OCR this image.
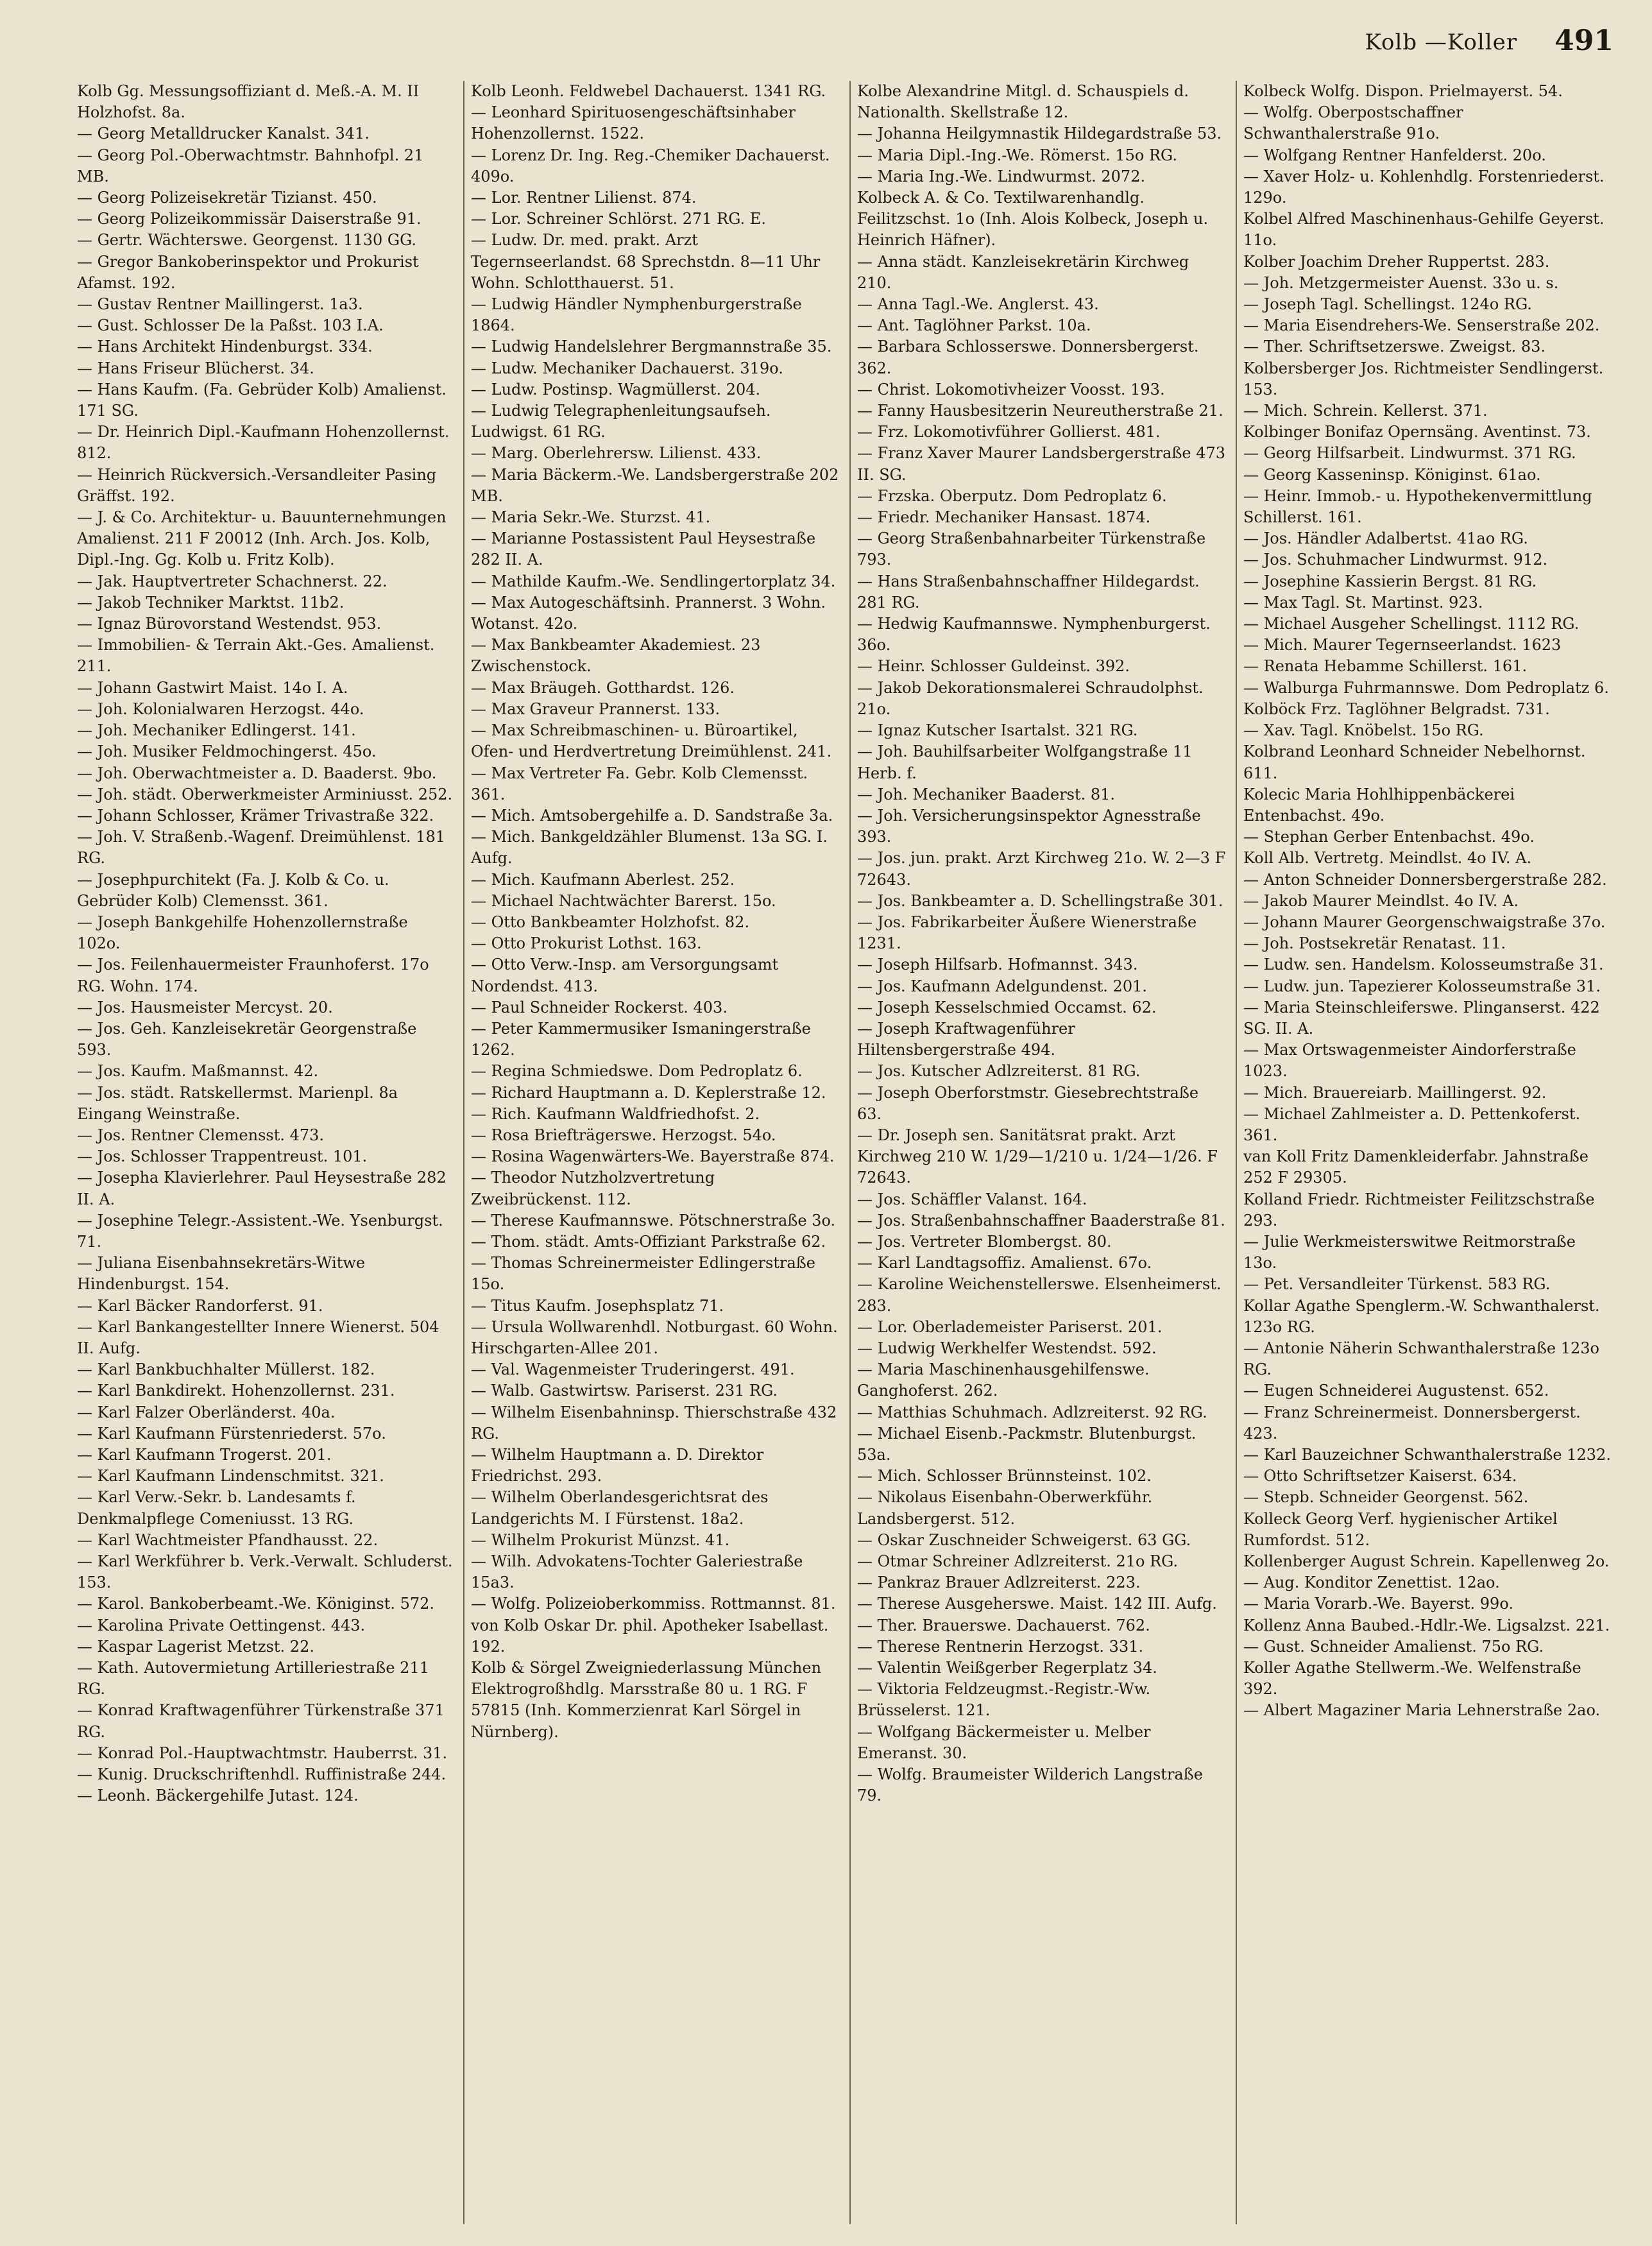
Kolb —Koller 491

Kolb Gg. Messungsoffiziant d. Meß.-A. M. II Holzhofst. 8a.

— Georg Metalldrucker Kanalst. 341.

— Georg Pol.-Oberwachtmstr. Bahnhofpl. 21 MB.

— Georg Polizeisekretär Tizianst. 450.

— Georg Polizeikommissär Daiserstraße 91.

— Gertr. Wächterswe. Georgenst. 1130 GG.

— Gregor Bankoberinspektor und Prokurist Afamst. 192.

— Gustav Rentner Maillingerst. 1a3.

— Gust. Schlosser De la Paßst. 103 I.A.

— Hans Architekt Hindenburgst. 334.

— Hans Friseur Blücherst. 34.

— Hans Kaufm. (Fa. Gebrüder Kolb) Amalienst. 171 SG.

— Dr. Heinrich Dipl.-Kaufmann Hohenzollernst. 812.

— Heinrich Rückversich.-Versandleiter Pasing Gräffst. 192.

— J. & Co. Architektur- u. Bauunternehmungen Amalienst. 211 F 20012 (Inh. Arch. Jos. Kolb, Dipl.-Ing. Gg. Kolb u. Fritz Kolb).

— Jak. Hauptvertreter Schachnerst. 22.

— Jakob Techniker Marktst. 11b2.

— Ignaz Bürovorstand Westendst. 953.

— Immobilien- & Terrain Akt.-Ges. Amalienst. 211.

— Johann Gastwirt Maist. 14o I. A.

— Joh. Kolonialwaren Herzogst. 44o.

— Joh. Mechaniker Edlingerst. 141.

— Joh. Musiker Feldmochingerst. 45o.

— Joh. Oberwachtmeister a. D. Baaderst. 9bo.

— Joh. städt. Oberwerkmeister Arminiusst. 252.

— Johann Schlosser, Krämer Trivastraße 322.

— Joh. V. Straßenb.-Wagenf. Dreimühlenst. 181 RG.

— Josephpurchitekt (Fa. J. Kolb & Co. u. Gebrüder Kolb) Clemensst. 361.

— Joseph Bankgehilfe Hohenzollernstraße 102o.

— Jos. Feilenhauermeister Fraunhoferst. 17o RG. Wohn. 174.

— Jos. Hausmeister Mercyst. 20.

— Jos. Geh. Kanzleisekretär Georgenstraße 593.

— Jos. Kaufm. Maßmannst. 42.

— Jos. städt. Ratskellermst. Marienpl. 8a Eingang Weinstraße.

— Jos. Rentner Clemensst. 473.

— Jos. Schlosser Trappentreust. 101.

— Josepha Klavierlehrer. Paul Heysestraße 282 II. A.

— Josephine Telegr.-Assistent.-We. Ysenburgst. 71.

— Juliana Eisenbahnsekretärs-Witwe Hindenburgst. 154.

— Karl Bäcker Randorferst. 91.

— Karl Bankangestellter Innere Wienerst. 504 II. Aufg.

— Karl Bankbuchhalter Müllerst. 182.

— Karl Bankdirekt. Hohenzollernst. 231.

— Karl Falzer Oberländerst. 40a.

— Karl Kaufmann Fürstenriederst. 57o.

— Karl Kaufmann Trogerst. 201.

— Karl Kaufmann Lindenschmitst. 321.

— Karl Verw.-Sekr. b. Landesamts f. Denkmalpflege Comeniusst. 13 RG.

— Karl Wachtmeister Pfandhausst. 22.

— Karl Werkführer b. Verk.-Verwalt. Schluderst. 153.

— Karol. Bankoberbeamt.-We. Königinst. 572.

— Karolina Private Oettingenst. 443.

— Kaspar Lagerist Metzst. 22.

— Kath. Autovermietung Artilleriestraße 211 RG.

— Konrad Kraftwagenführer Türkenstraße 371 RG.

— Konrad Pol.-Hauptwachtmstr. Hauberrst. 31.

— Kunig. Druckschriftenhdl. Ruffinistraße 244.

— Leonh. Bäckergehilfe Jutast. 124.

Kolb Leonh. Feldwebel Dachauerst. 1341 RG.

— Leonhard Spirituosengeschäftsinhaber Hohenzollernst. 1522.

— Lorenz Dr. Ing. Reg.-Chemiker Dachauerst. 409o.

— Lor. Rentner Lilienst. 874.

— Lor. Schreiner Schlörst. 271 RG. E.

— Ludw. Dr. med. prakt. Arzt Tegernseerlandst. 68 Sprechstdn. 8—11 Uhr Wohn. Schlotthauerst. 51.

— Ludwig Händler Nymphenburgerstraße 1864.

— Ludwig Handelslehrer Bergmannstraße 35.

— Ludw. Mechaniker Dachauerst. 319o.

— Ludw. Postinsp. Wagmüllerst. 204.

— Ludwig Telegraphenleitungsaufseh. Ludwigst. 61 RG.

— Marg. Oberlehrersw. Lilienst. 433.

— Maria Bäckerm.-We. Landsbergerstraße 202 MB.

— Maria Sekr.-We. Sturzst. 41.

— Marianne Postassistent Paul Heysestraße 282 II. A.

— Mathilde Kaufm.-We. Sendlingertorplatz 34.

— Max Autogeschäftsinh. Prannerst. 3 Wohn. Wotanst. 42o.

— Max Bankbeamter Akademiest. 23 Zwischenstock.

— Max Bräugeh. Gotthardst. 126.

— Max Graveur Prannerst. 133.

— Max Schreibmaschinen- u. Büroartikel, Ofen- und Herdvertretung Dreimühlenst. 241.

— Max Vertreter Fa. Gebr. Kolb Clemensst. 361.

— Mich. Amtsobergehilfe a. D. Sandstraße 3a.

— Mich. Bankgeldzähler Blumenst. 13a SG. I. Aufg.

— Mich. Kaufmann Aberlest. 252.

— Michael Nachtwächter Barerst. 15o.

— Otto Bankbeamter Holzhofst. 82.

— Otto Prokurist Lothst. 163.

— Otto Verw.-Insp. am Versorgungsamt Nordendst. 413.

— Paul Schneider Rockerst. 403.

— Peter Kammermusiker Ismaningerstraße 1262.

— Regina Schmiedswe. Dom Pedroplatz 6.

— Richard Hauptmann a. D. Keplerstraße 12.

— Rich. Kaufmann Waldfriedhofst. 2.

— Rosa Briefträgerswe. Herzogst. 54o.

— Rosina Wagenwärters-We. Bayerstraße 874.

— Theodor Nutzholzvertretung Zweibrückenst. 112.

— Therese Kaufmannswe. Pötschnerstraße 3o.

— Thom. städt. Amts-Offiziant Parkstraße 62.

— Thomas Schreinermeister Edlingerstraße 15o.

— Titus Kaufm. Josephsplatz 71.

— Ursula Wollwarenhdl. Notburgast. 60 Wohn. Hirschgarten-Allee 201.

— Val. Wagenmeister Truderingerst. 491.

— Walb. Gastwirtsw. Pariserst. 231 RG.

— Wilhelm Eisenbahninsp. Thierschstraße 432 RG.

— Wilhelm Hauptmann a. D. Direktor Friedrichst. 293.

— Wilhelm Oberlandesgerichtsrat des Landgerichts M. I Fürstenst. 18a2.

— Wilhelm Prokurist Münzst. 41.

— Wilh. Advokatens-Tochter Galeriestraße 15a3.

— Wolfg. Polizeioberkommiss. Rottmannst. 81.

von Kolb Oskar Dr. phil. Apotheker Isabellast. 192.

Kolb & Sörgel Zweigniederlassung München Elektrogroßhdlg. Marsstraße 80 u. 1 RG. F 57815 (Inh. Kommerzienrat Karl Sörgel in Nürnberg).

Kolbe Alexandrine Mitgl. d. Schauspiels d. Nationalth. Skellstraße 12.

— Johanna Heilgymnastik Hildegardstraße 53.

— Maria Dipl.-Ing.-We. Römerst. 15o RG.

— Maria Ing.-We. Lindwurmst. 2072.

Kolbeck A. & Co. Textilwarenhandlg. Feilitzschst. 1o (Inh. Alois Kolbeck, Joseph u. Heinrich Häfner).

— Anna städt. Kanzleisekretärin Kirchweg 210.

— Anna Tagl.-We. Anglerst. 43.

— Ant. Taglöhner Parkst. 10a.

— Barbara Schlosserswe. Donnersbergerst. 362.

— Christ. Lokomotivheizer Voosst. 193.

— Fanny Hausbesitzerin Neureutherstraße 21.

— Frz. Lokomotivführer Gollierst. 481.

— Franz Xaver Maurer Landsbergerstraße 473 II. SG.

— Frzska. Oberputz. Dom Pedroplatz 6.

— Friedr. Mechaniker Hansast. 1874.

— Georg Straßenbahnarbeiter Türkenstraße 793.

— Hans Straßenbahnschaffner Hildegardst. 281 RG.

— Hedwig Kaufmannswe. Nymphenburgerst. 36o.

— Heinr. Schlosser Guldeinst. 392.

— Jakob Dekorationsmalerei Schraudolphst. 21o.

— Ignaz Kutscher Isartalst. 321 RG.

— Joh. Bauhilfsarbeiter Wolfgangstraße 11 Herb. f.

— Joh. Mechaniker Baaderst. 81.

— Joh. Versicherungsinspektor Agnesstraße 393.

— Jos. jun. prakt. Arzt Kirchweg 21o. W. 2—3 F 72643.

— Jos. Bankbeamter a. D. Schellingstraße 301.

— Jos. Fabrikarbeiter Äußere Wienerstraße 1231.

— Joseph Hilfsarb. Hofmannst. 343.

— Jos. Kaufmann Adelgundenst. 201.

— Joseph Kesselschmied Occamst. 62.

— Joseph Kraftwagenführer Hiltensbergerstraße 494.

— Jos. Kutscher Adlzreiterst. 81 RG.

— Joseph Oberforstmstr. Giesebrechtstraße 63.

— Dr. Joseph sen. Sanitätsrat prakt. Arzt Kirchweg 210 W. 1/29—1/210 u. 1/24—1/26. F 72643.

— Jos. Schäffler Valanst. 164.

— Jos. Straßenbahnschaffner Baaderstraße 81.

— Jos. Vertreter Blombergst. 80.

— Karl Landtagsoffiz. Amalienst. 67o.

— Karoline Weichenstellerswe. Elsenheimerst. 283.

— Lor. Oberlademeister Pariserst. 201.

— Ludwig Werkhelfer Westendst. 592.

— Maria Maschinenhausgehilfenswe. Ganghoferst. 262.

— Matthias Schuhmach. Adlzreiterst. 92 RG.

— Michael Eisenb.-Packmstr. Blutenburgst. 53a.

— Mich. Schlosser Brünnsteinst. 102.

— Nikolaus Eisenbahn-Oberwerkführ. Landsbergerst. 512.

— Oskar Zuschneider Schweigerst. 63 GG.

— Otmar Schreiner Adlzreiterst. 21o RG.

— Pankraz Brauer Adlzreiterst. 223.

— Therese Ausgeherswe. Maist. 142 III. Aufg.

— Ther. Brauerswe. Dachauerst. 762.

— Therese Rentnerin Herzogst. 331.

— Valentin Weißgerber Regerplatz 34.

— Viktoria Feldzeugmst.-Registr.-Ww. Brüsselerst. 121.

— Wolfgang Bäckermeister u. Melber Emeranst. 30.

— Wolfg. Braumeister Wilderich Langstraße 79.

Kolbeck Wolfg. Dispon. Prielmayerst. 54.

— Wolfg. Oberpostschaffner Schwanthalerstraße 91o.

— Wolfgang Rentner Hanfelderst. 20o.

— Xaver Holz- u. Kohlenhdlg. Forstenriederst. 129o.

Kolbel Alfred Maschinenhaus-Gehilfe Geyerst. 11o.

Kolber Joachim Dreher Ruppertst. 283.

— Joh. Metzgermeister Auenst. 33o u. s.

— Joseph Tagl. Schellingst. 124o RG.

— Maria Eisendrehers-We. Senserstraße 202.

— Ther. Schriftsetzerswe. Zweigst. 83.

Kolbersberger Jos. Richtmeister Sendlingerst. 153.

— Mich. Schrein. Kellerst. 371.

Kolbinger Bonifaz Opernsäng. Aventinst. 73.

— Georg Hilfsarbeit. Lindwurmst. 371 RG.

— Georg Kasseninsp. Königinst. 61ao.

— Heinr. Immob.- u. Hypothekenvermittlung Schillerst. 161.

— Jos. Händler Adalbertst. 41ao RG.

— Jos. Schuhmacher Lindwurmst. 912.

— Josephine Kassierin Bergst. 81 RG.

— Max Tagl. St. Martinst. 923.

— Michael Ausgeher Schellingst. 1112 RG.

— Mich. Maurer Tegernseerlandst. 1623

— Renata Hebamme Schillerst. 161.

— Walburga Fuhrmannswe. Dom Pedroplatz 6.

Kolböck Frz. Taglöhner Belgradst. 731.

— Xav. Tagl. Knöbelst. 15o RG.

Kolbrand Leonhard Schneider Nebelhornst. 611.

Kolecic Maria Hohlhippenbäckerei Entenbachst. 49o.

— Stephan Gerber Entenbachst. 49o.

Koll Alb. Vertretg. Meindlst. 4o IV. A.

— Anton Schneider Donnersbergerstraße 282.

— Jakob Maurer Meindlst. 4o IV. A.

— Johann Maurer Georgenschwaigstraße 37o.

— Joh. Postsekretär Renatast. 11.

— Ludw. sen. Handelsm. Kolosseumstraße 31.

— Ludw. jun. Tapezierer Kolosseumstraße 31.

— Maria Steinschleiferswe. Plinganserst. 422 SG. II. A.

— Max Ortswagenmeister Aindorferstraße 1023.

— Mich. Brauereiarb. Maillingerst. 92.

— Michael Zahlmeister a. D. Pettenkoferst. 361.

van Koll Fritz Damenkleiderfabr. Jahnstraße 252 F 29305.

Kolland Friedr. Richtmeister Feilitzschstraße 293.

— Julie Werkmeisterswitwe Reitmorstraße 13o.

— Pet. Versandleiter Türkenst. 583 RG.

Kollar Agathe Spenglerm.-W. Schwanthalerst. 123o RG.

— Antonie Näherin Schwanthalerstraße 123o RG.

— Eugen Schneiderei Augustenst. 652.

— Franz Schreinermeist. Donnersbergerst. 423.

— Karl Bauzeichner Schwanthalerstraße 1232.

— Otto Schriftsetzer Kaiserst. 634.

— Stepb. Schneider Georgenst. 562.

Kolleck Georg Verf. hygienischer Artikel Rumfordst. 512.

Kollenberger August Schrein. Kapellenweg 2o.

— Aug. Konditor Zenettist. 12ao.

— Maria Vorarb.-We. Bayerst. 99o.

Kollenz Anna Baubed.-Hdlr.-We. Ligsalzst. 221.

— Gust. Schneider Amalienst. 75o RG.

Koller Agathe Stellwerm.-We. Welfenstraße 392.

— Albert Magaziner Maria Lehnerstraße 2ao.
